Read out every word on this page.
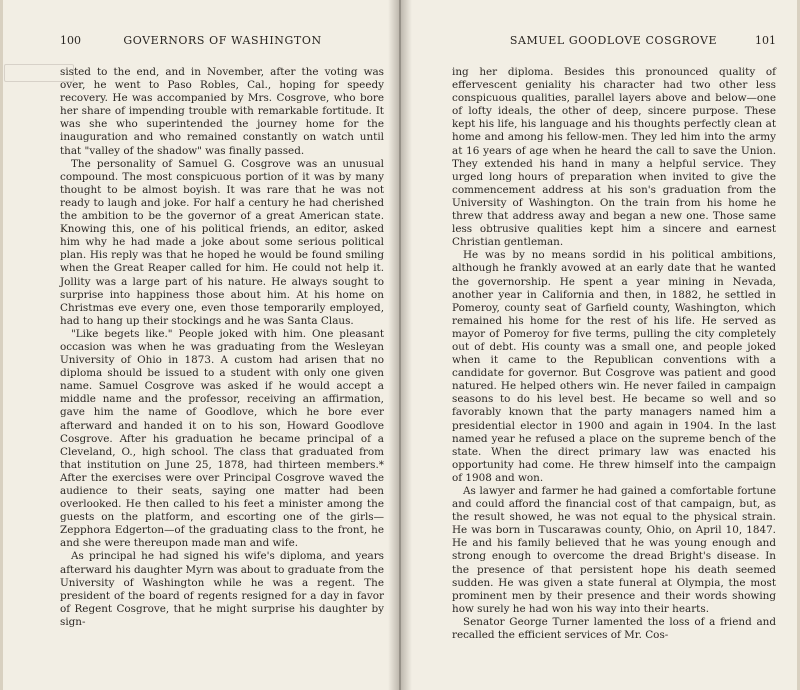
100	GOVERNORS OF WASHINGTON

sisted to the end, and in November, after the voting was over, he went to Paso Robles, Cal., hoping for speedy recovery. He was accompanied by Mrs. Cosgrove, who bore her share of impending trouble with remarkable fortitude. It was she who superintended the journey home for the inauguration and who remained constantly on watch until that "valley of the shadow" was finally passed.

The personality of Samuel G. Cosgrove was an unusual compound. The most conspicuous portion of it was by many thought to be almost boyish. It was rare that he was not ready to laugh and joke. For half a century he had cherished the ambition to be the governor of a great American state. Knowing this, one of his political friends, an editor, asked him why he had made a joke about some serious political plan. His reply was that he hoped he would be found smiling when the Great Reaper called for him. He could not help it. Jollity was a large part of his nature. He always sought to surprise into happiness those about him. At his home on Christmas eve every one, even those temporarily employed, had to hang up their stockings and he was Santa Claus.

"Like begets like." People joked with him. One pleasant occasion was when he was graduating from the Wesleyan University of Ohio in 1873. A custom had arisen that no diploma should be issued to a student with only one given name. Samuel Cosgrove was asked if he would accept a middle name and the professor, receiving an affirmation, gave him the name of Goodlove, which he bore ever afterward and handed it on to his son, Howard Goodlove Cosgrove. After his graduation he became principal of a Cleveland, O., high school. The class that graduated from that institution on June 25, 1878, had thirteen members.* After the exercises were over Principal Cosgrove waved the audience to their seats, saying one matter had been overlooked. He then called to his feet a minister among the guests on the platform, and escorting one of the girls—Zepphora Edgerton—of the graduating class to the front, he and she were thereupon made man and wife.

As principal he had signed his wife's diploma, and years afterward his daughter Myrn was about to graduate from the University of Washington while he was a regent. The president of the board of regents resigned for a day in favor of Regent Cosgrove, that he might surprise his daughter by sign-

SAMUEL GOODLOVE COSGROVE	101

ing her diploma. Besides this pronounced quality of effervescent geniality his character had two other less conspicuous qualities, parallel layers above and below—one of lofty ideals, the other of deep, sincere purpose. These kept his life, his language and his thoughts perfectly clean at home and among his fellow-men. They led him into the army at 16 years of age when he heard the call to save the Union. They extended his hand in many a helpful service. They urged long hours of preparation when invited to give the commencement address at his son's graduation from the University of Washington. On the train from his home he threw that address away and began a new one. Those same less obtrusive qualities kept him a sincere and earnest Christian gentleman.

He was by no means sordid in his political ambitions, although he frankly avowed at an early date that he wanted the governorship. He spent a year mining in Nevada, another year in California and then, in 1882, he settled in Pomeroy, county seat of Garfield county, Washington, which remained his home for the rest of his life. He served as mayor of Pomeroy for five terms, pulling the city completely out of debt. His county was a small one, and people joked when it came to the Republican conventions with a candidate for governor. But Cosgrove was patient and good natured. He helped others win. He never failed in campaign seasons to do his level best. He became so well and so favorably known that the party managers named him a presidential elector in 1900 and again in 1904. In the last named year he refused a place on the supreme bench of the state. When the direct primary law was enacted his opportunity had come. He threw himself into the campaign of 1908 and won.

As lawyer and farmer he had gained a comfortable fortune and could afford the financial cost of that campaign, but, as the result showed, he was not equal to the physical strain. He was born in Tuscarawas county, Ohio, on April 10, 1847. He and his family believed that he was young enough and strong enough to overcome the dread Bright's disease. In the presence of that persistent hope his death seemed sudden. He was given a state funeral at Olympia, the most prominent men by their presence and their words showing how surely he had won his way into their hearts.

Senator George Turner lamented the loss of a friend and recalled the efficient services of Mr. Cos-
